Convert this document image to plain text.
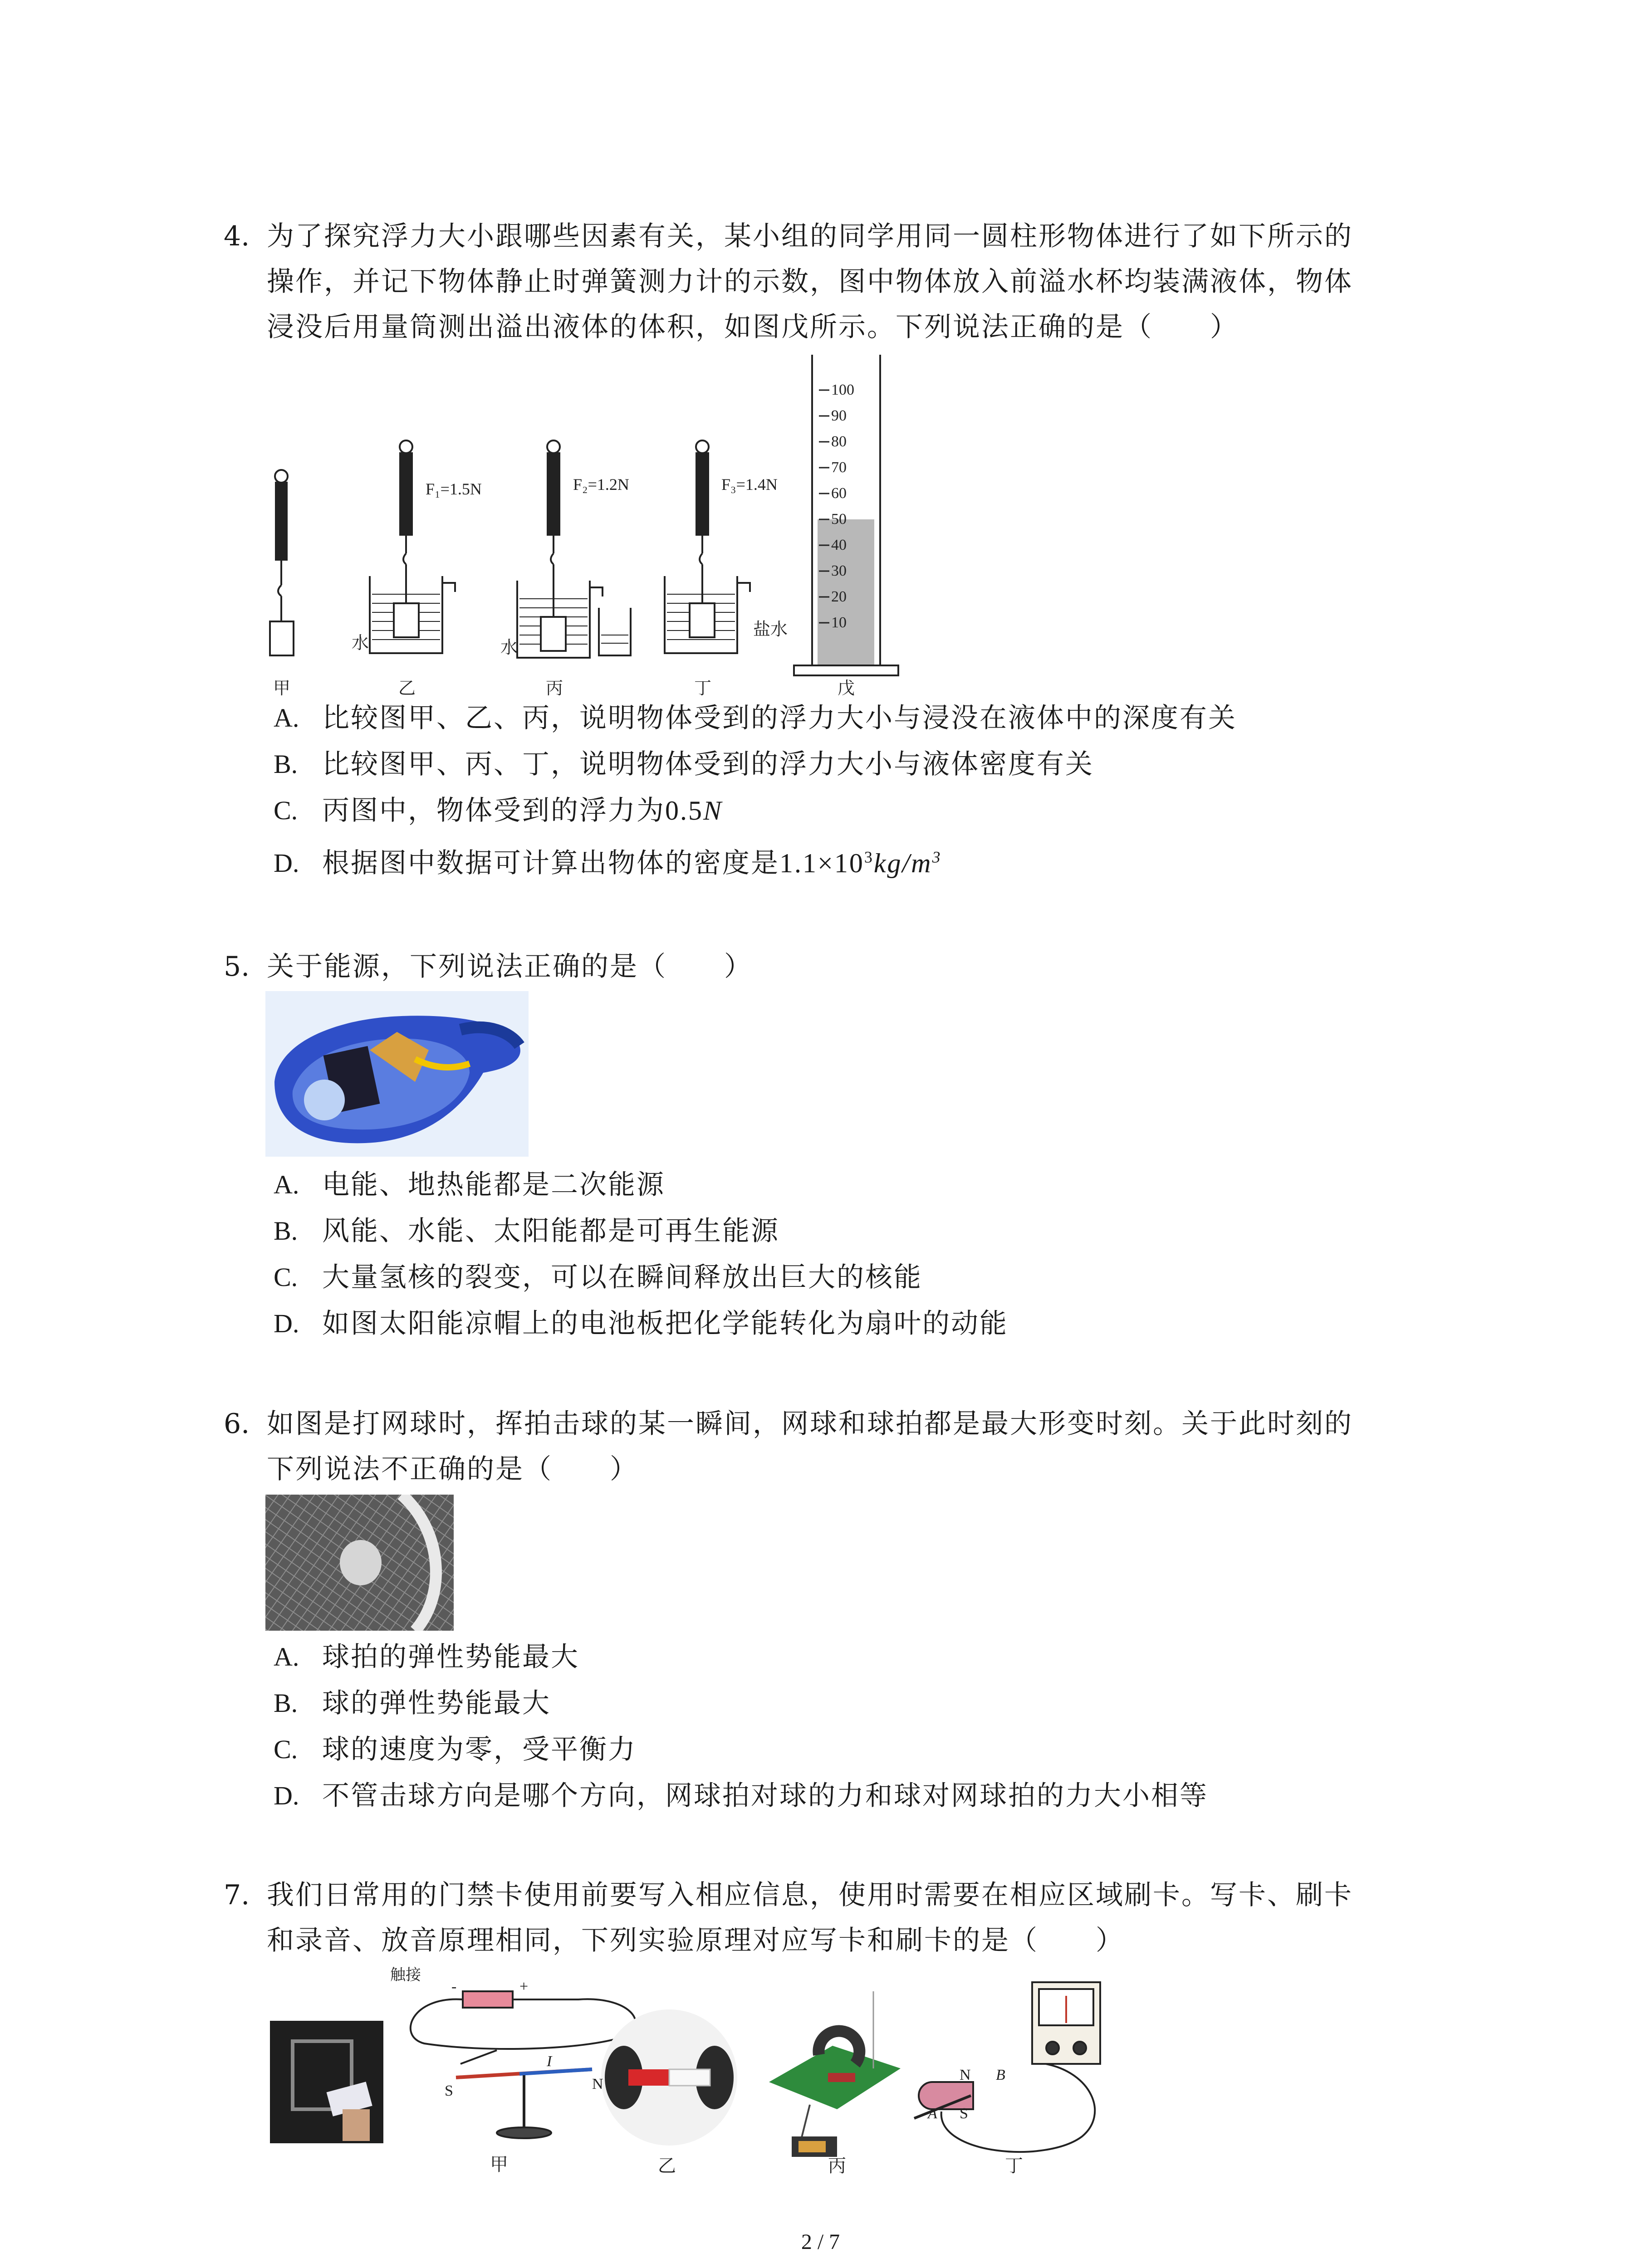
4. 为了探究浮力大小跟哪些因素有关，某小组的同学用同一圆柱形物体进行了如下所示的
操作，并记下物体静止时弹簧测力计的示数，图中物体放入前溢水杯均装满液体，物体
浸没后用量筒测出溢出液体的体积，如图戊所示。下列说法正确的是（　　）
100
90
80
70
60
50
40
30
20
10
F₁=1.5N	F₂=1.2N	F₃=1.4N
水	水
盐水
甲	乙	丙	丁	戊
A. 比较图甲、乙、丙，说明物体受到的浮力大小与浸没在液体中的深度有关
B. 比较图甲、丙、丁，说明物体受到的浮力大小与液体密度有关
C. 丙图中，物体受到的浮力为0.5N
D. 根据图中数据可计算出物体的密度是$1.1\times 10^3kg/m^3$
5. 关于能源，下列说法正确的是（　　）
A. 电能、地热能都是二次能源
B. 风能、水能、太阳能都是可再生能源
C. 大量氢核的裂变，可以在瞬间释放出巨大的核能
D. 如图太阳能凉帽上的电池板把化学能转化为扇叶的动能
6. 如图是打网球时，挥拍击球的某一瞬间，网球和球拍都是最大形变时刻。关于此时刻的
下列说法不正确的是（　　）
A. 球拍的弹性势能最大
B. 球的弹性势能最大
C. 球的速度为零，受平衡力
D. 不管击球方向是哪个方向，网球拍对球的力和球对网球拍的力大小相等
7. 我们日常用的门禁卡使用前要写入相应信息，使用时需要在相应区域刷卡。写卡、刷卡
和录音、放音原理相同，下列实验原理对应写卡和刷卡的是（　　）
触接
+
-
I
N
S
N B
A S
甲	乙	丙	丁
2 / 7
